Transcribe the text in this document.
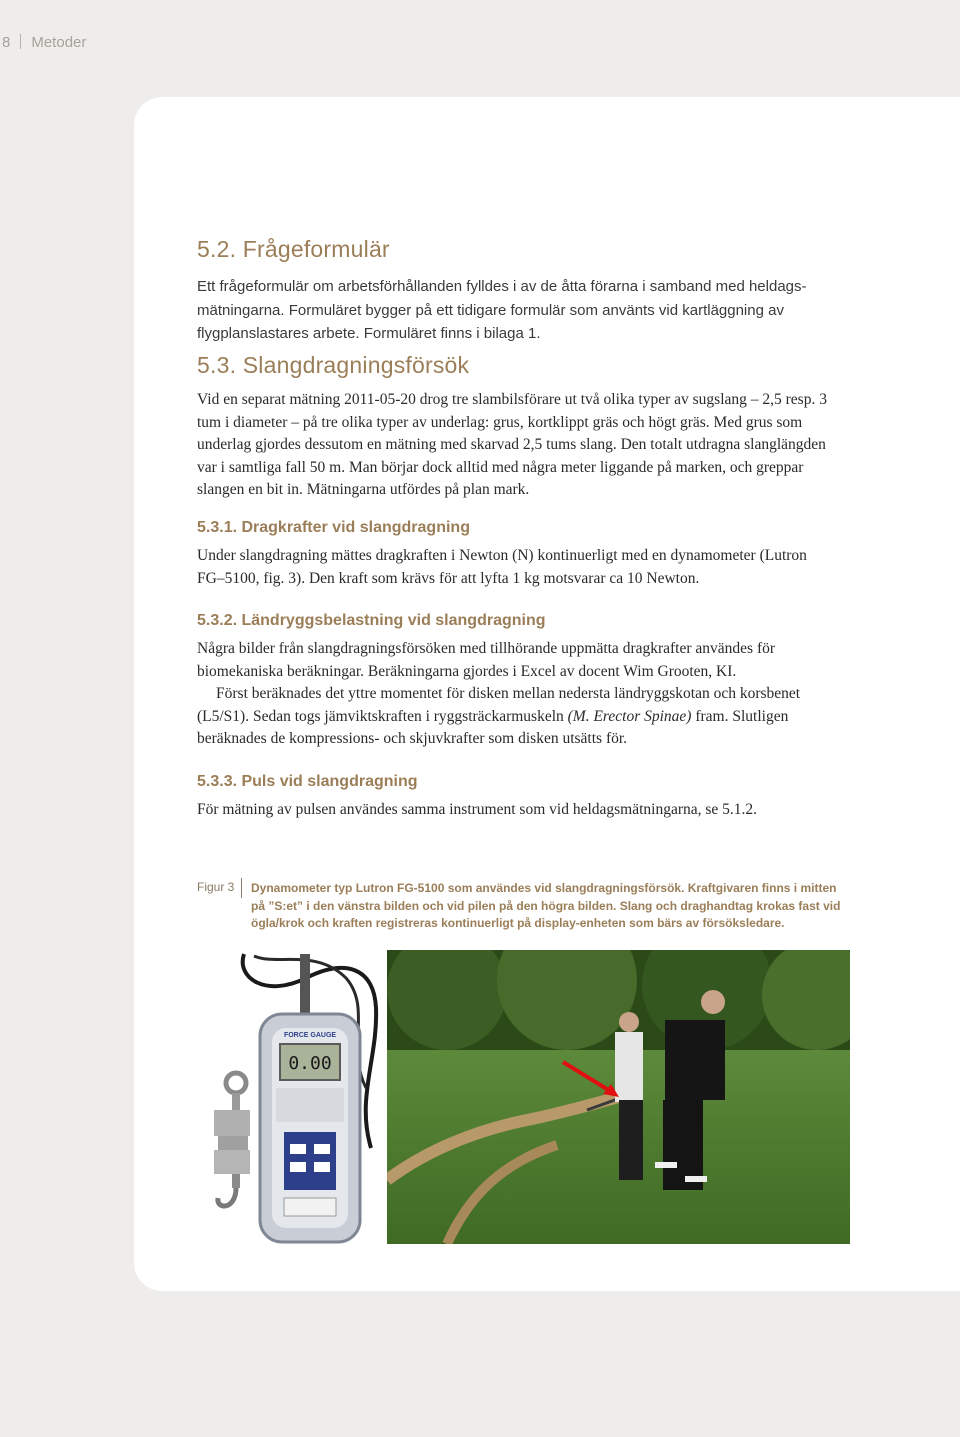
8 Metoder
5.2. Frågeformulär

Ett frågeformulär om arbetsförhållanden fylldes i av de åtta förarna i samband med heldags-mätningarna. Formuläret bygger på ett tidigare formulär som använts vid kartläggning av flygplanslastares arbete. Formuläret finns i bilaga 1.

5.3. Slangdragningsförsök

Vid en separat mätning 2011-05-20 drog tre slambilsförare ut två olika typer av sugslang – 2,5 resp. 3 tum i diameter – på tre olika typer av underlag: grus, kortklippt gräs och högt gräs. Med grus som underlag gjordes dessutom en mätning med skarvad 2,5 tums slang. Den totalt utdragna slanglängden var i samtliga fall 50 m. Man börjar dock alltid med några meter liggande på marken, och greppar slangen en bit in. Mätningarna utfördes på plan mark.

5.3.1. Dragkrafter vid slangdragning

Under slangdragning mättes dragkraften i Newton (N) kontinuerligt med en dynamometer (Lutron FG–5100, fig. 3). Den kraft som krävs för att lyfta 1 kg motsvarar ca 10 Newton.

5.3.2. Ländryggsbelastning vid slangdragning

Några bilder från slangdragningsförsöken med tillhörande uppmätta dragkrafter användes för biomekaniska beräkningar. Beräkningarna gjordes i Excel av docent Wim Grooten, KI.

Först beräknades det yttre momentet för disken mellan nedersta ländryggskotan och korsbenet (L5/S1). Sedan togs jämviktskraften i ryggsträckarmuskeln (M. Erector Spinae) fram. Slutligen beräknades de kompressions- och skjuvkrafter som disken utsätts för.

5.3.3. Puls vid slangdragning

För mätning av pulsen användes samma instrument som vid heldagsmätningarna, se 5.1.2.

Figur 3 Dynamometer typ Lutron FG-5100 som användes vid slangdragningsförsök. Kraftgivaren finns i mitten på ”S:et” i den vänstra bilden och vid pilen på den högra bilden. Slang och draghandtag krokas fast vid ögla/krok och kraften registreras kontinuerligt på display-enheten som bärs av försöksledare.
FORCE GAUGE
0.00
